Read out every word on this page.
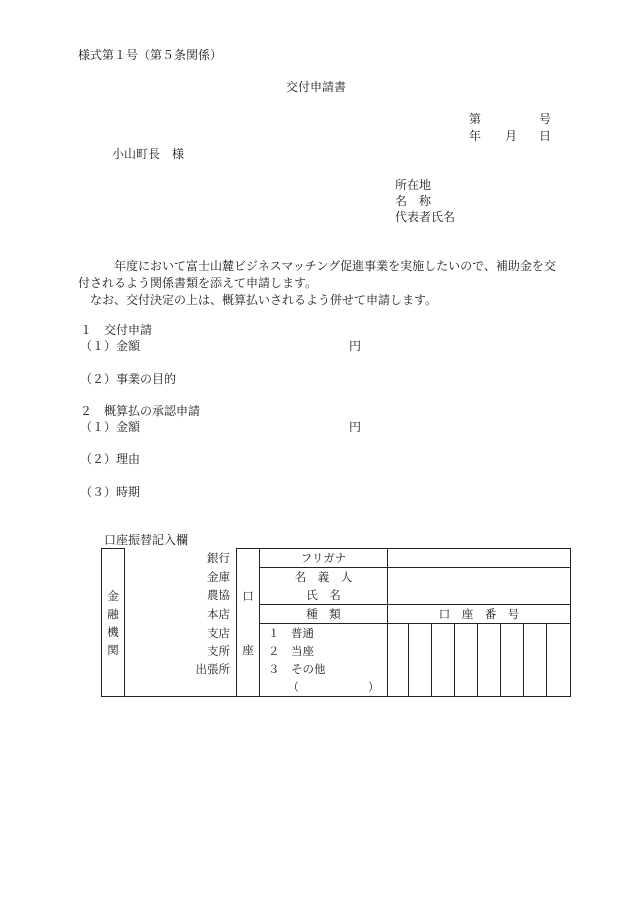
様式第１号（第５条関係）
交付申請書
第	号
年 月 日
小山町長　様
所在地
名　称
代表者氏名

年度において富士山麓ビジネスマッチング促進事業を実施したいので、補助金を交付されるよう関係書類を添えて申請します。

なお、交付決定の上は、概算払いされるよう併せて申請します。

１　交付申請
（１）金額	円
（２）事業の目的
２　概算払の承認申請
（１）金額	円
（２）理由
（３）時期
口座振替記入欄
金
融
機
関	銀行	口	フリガナ								
	金庫		名　義　人								
	農協		氏　名								
	本店	座	種　類	口　座　番　号							
	支店		１　普通								
	支所		２　当座								
	出張所		３　その他								
			（　　　　　　）								
